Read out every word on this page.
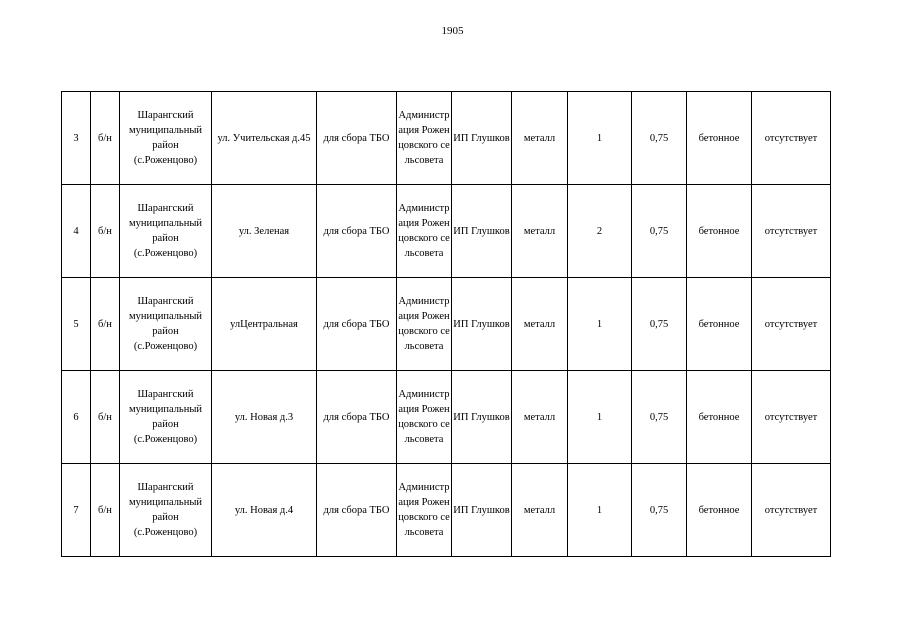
1905
3	б/н	Шарангский муниципальный район (с.Роженцово)	ул. Учительская д.45	для сбора ТБО	Администрация Роженцовского сельсовета	ИП Глушков	металл	1	0,75	бетонное	отсутствует
4	б/н	Шарангский муниципальный район (с.Роженцово)	ул. Зеленая	для сбора ТБО	Администрация Роженцовского сельсовета	ИП Глушков	металл	2	0,75	бетонное	отсутствует
5	б/н	Шарангский муниципальный район (с.Роженцово)	улЦентральная	для сбора ТБО	Администрация Роженцовского сельсовета	ИП Глушков	металл	1	0,75	бетонное	отсутствует
6	б/н	Шарангский муниципальный район (с.Роженцово)	ул. Новая д.3	для сбора ТБО	Администрация Роженцовского сельсовета	ИП Глушков	металл	1	0,75	бетонное	отсутствует
7	б/н	Шарангский муниципальный район (с.Роженцово)	ул. Новая д.4	для сбора ТБО	Администрация Роженцовского сельсовета	ИП Глушков	металл	1	0,75	бетонное	отсутствует
